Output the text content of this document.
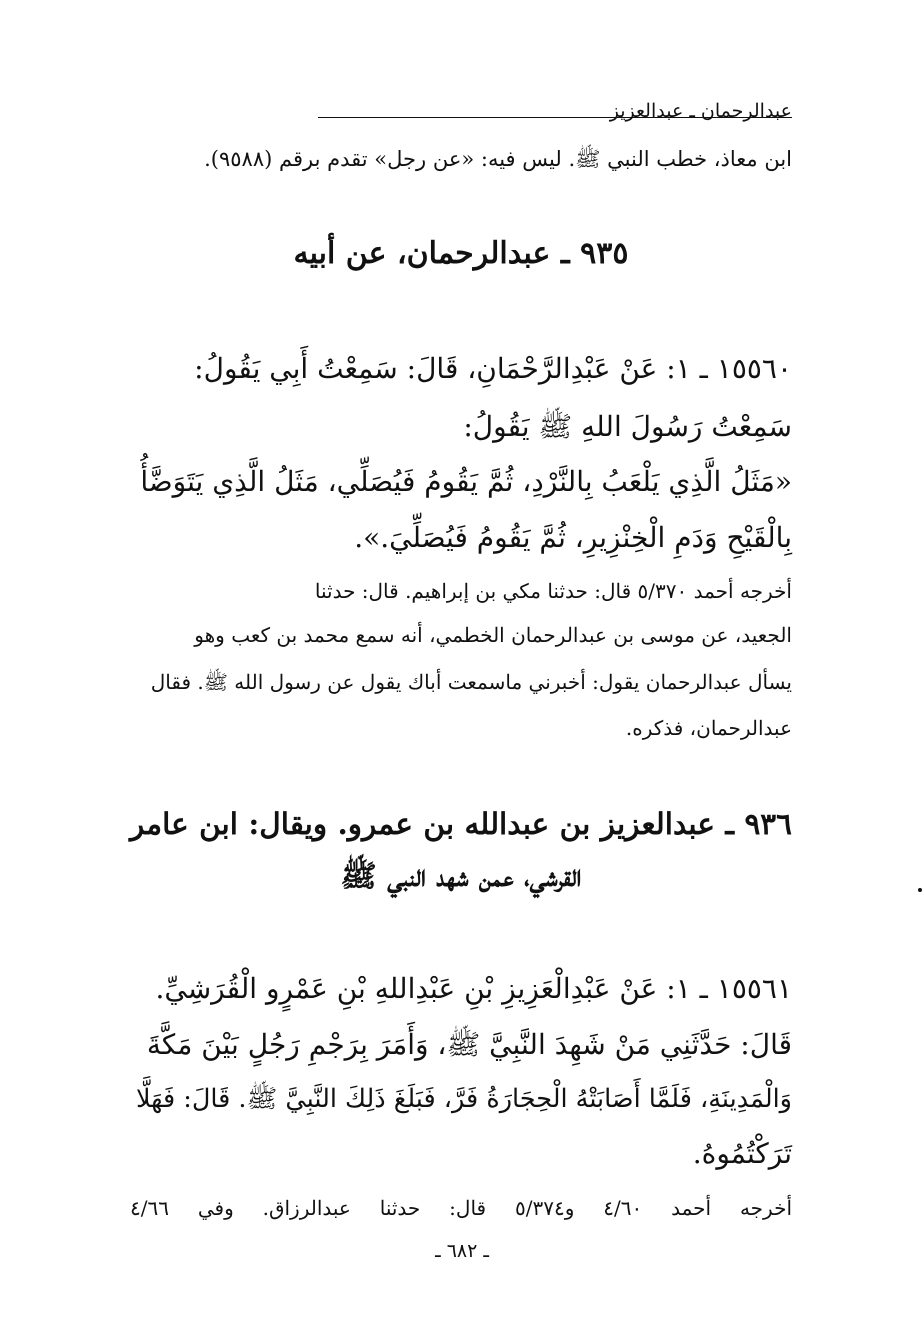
عبدالرحمان ـ عبدالعزيز
ابن معاذ، خطب النبي ﷺ. ليس فيه: «عن رجل» تقدم برقم (٩٥٨٨).
٩٣٥ ـ عبدالرحمان، عن أبيه
١٥٥٦٠ ـ ١: عَنْ عَبْدِالرَّحْمَانِ، قَالَ: سَمِعْتُ أَبِي يَقُولُ:
سَمِعْتُ رَسُولَ اللهِ ﷺ يَقُولُ:
«مَثَلُ الَّذِي يَلْعَبُ بِالنَّرْدِ، ثُمَّ يَقُومُ فَيُصَلِّي، مَثَلُ الَّذِي يَتَوَضَّأُ
بِالْقَيْحِ وَدَمِ الْخِنْزِيرِ، ثُمَّ يَقُومُ فَيُصَلِّيَ.».
أخرجه أحمد ٥/٣٧٠ قال: حدثنا مكي بن إبراهيم. قال: حدثنا
الجعيد، عن موسى بن عبدالرحمان الخطمي، أنه سمع محمد بن كعب وهو
يسأل عبدالرحمان يقول: أخبرني ماسمعت أباك يقول عن رسول الله ﷺ. فقال
عبدالرحمان، فذكره.
٩٣٦ ـ عبدالعزيز بن عبدالله بن عمرو. ويقال: ابن عامر
القرشي، عمن شهد النبي ﷺ
١٥٥٦١ ـ ١: عَنْ عَبْدِالْعَزِيزِ بْنِ عَبْدِاللهِ بْنِ عَمْرٍو الْقُرَشِيِّ.
قَالَ: حَدَّثَنِي مَنْ شَهِدَ النَّبِيَّ ﷺ، وَأَمَرَ بِرَجْمِ رَجُلٍ بَيْنَ مَكَّةَ
وَالْمَدِينَةِ، فَلَمَّا أَصَابَتْهُ الْحِجَارَةُ فَرَّ، فَبَلَغَ ذَلِكَ النَّبِيَّ ﷺ. قَالَ: فَهَلَّا
تَرَكْتُمُوهُ.
أخرجه أحمد ٤/٦٠ و٥/٣٧٤ قال: حدثنا عبدالرزاق. وفي ٤/٦٦
ـ ٦٨٢ ـ
